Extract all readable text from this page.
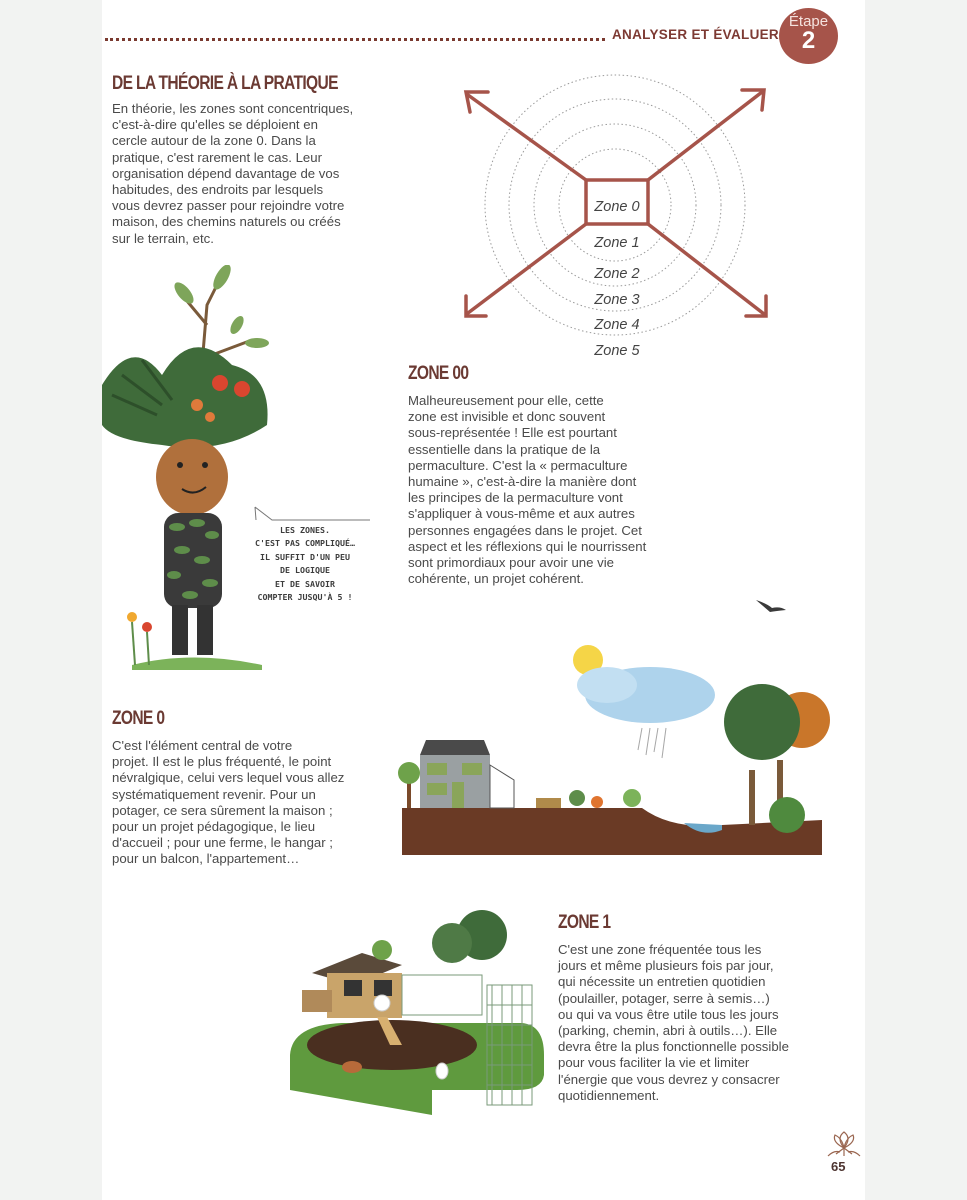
ANALYSER ET ÉVALUER
Étape
2
DE LA THÉORIE À LA PRATIQUE
En théorie, les zones sont concentriques,
c'est-à-dire qu'elles se déploient en
cercle autour de la zone 0. Dans la
pratique, c'est rarement le cas. Leur
organisation dépend davantage de vos
habitudes, des endroits par lesquels
vous devrez passer pour rejoindre votre
maison, des chemins naturels ou créés
sur le terrain, etc.
Zone 0
Zone 1
Zone 2
Zone 3
Zone 4
Zone 5
LES ZONES.
C'EST PAS COMPLIQUÉ…
IL SUFFIT D'UN PEU
DE LOGIQUE
ET DE SAVOIR
COMPTER JUSQU'À 5 !
ZONE 00
Malheureusement pour elle, cette
zone est invisible et donc souvent
sous-représentée ! Elle est pourtant
essentielle dans la pratique de la
permaculture. C'est la « permaculture
humaine », c'est-à-dire la manière dont
les principes de la permaculture vont
s'appliquer à vous-même et aux autres
personnes engagées dans le projet. Cet
aspect et les réflexions qui le nourrissent
sont primordiaux pour avoir une vie
cohérente, un projet cohérent.
ZONE 0
C'est l'élément central de votre
projet. Il est le plus fréquenté, le point
névralgique, celui vers lequel vous allez
systématiquement revenir. Pour un
potager, ce sera sûrement la maison ;
pour un projet pédagogique, le lieu
d'accueil ; pour une ferme, le hangar ;
pour un balcon, l'appartement…
ZONE 1
C'est une zone fréquentée tous les
jours et même plusieurs fois par jour,
qui nécessite un entretien quotidien
(poulailler, potager, serre à semis…)
ou qui va vous être utile tous les jours
(parking, chemin, abri à outils…). Elle
devra être la plus fonctionnelle possible
pour vous faciliter la vie et limiter
l'énergie que vous devrez y consacrer
quotidiennement.
65
